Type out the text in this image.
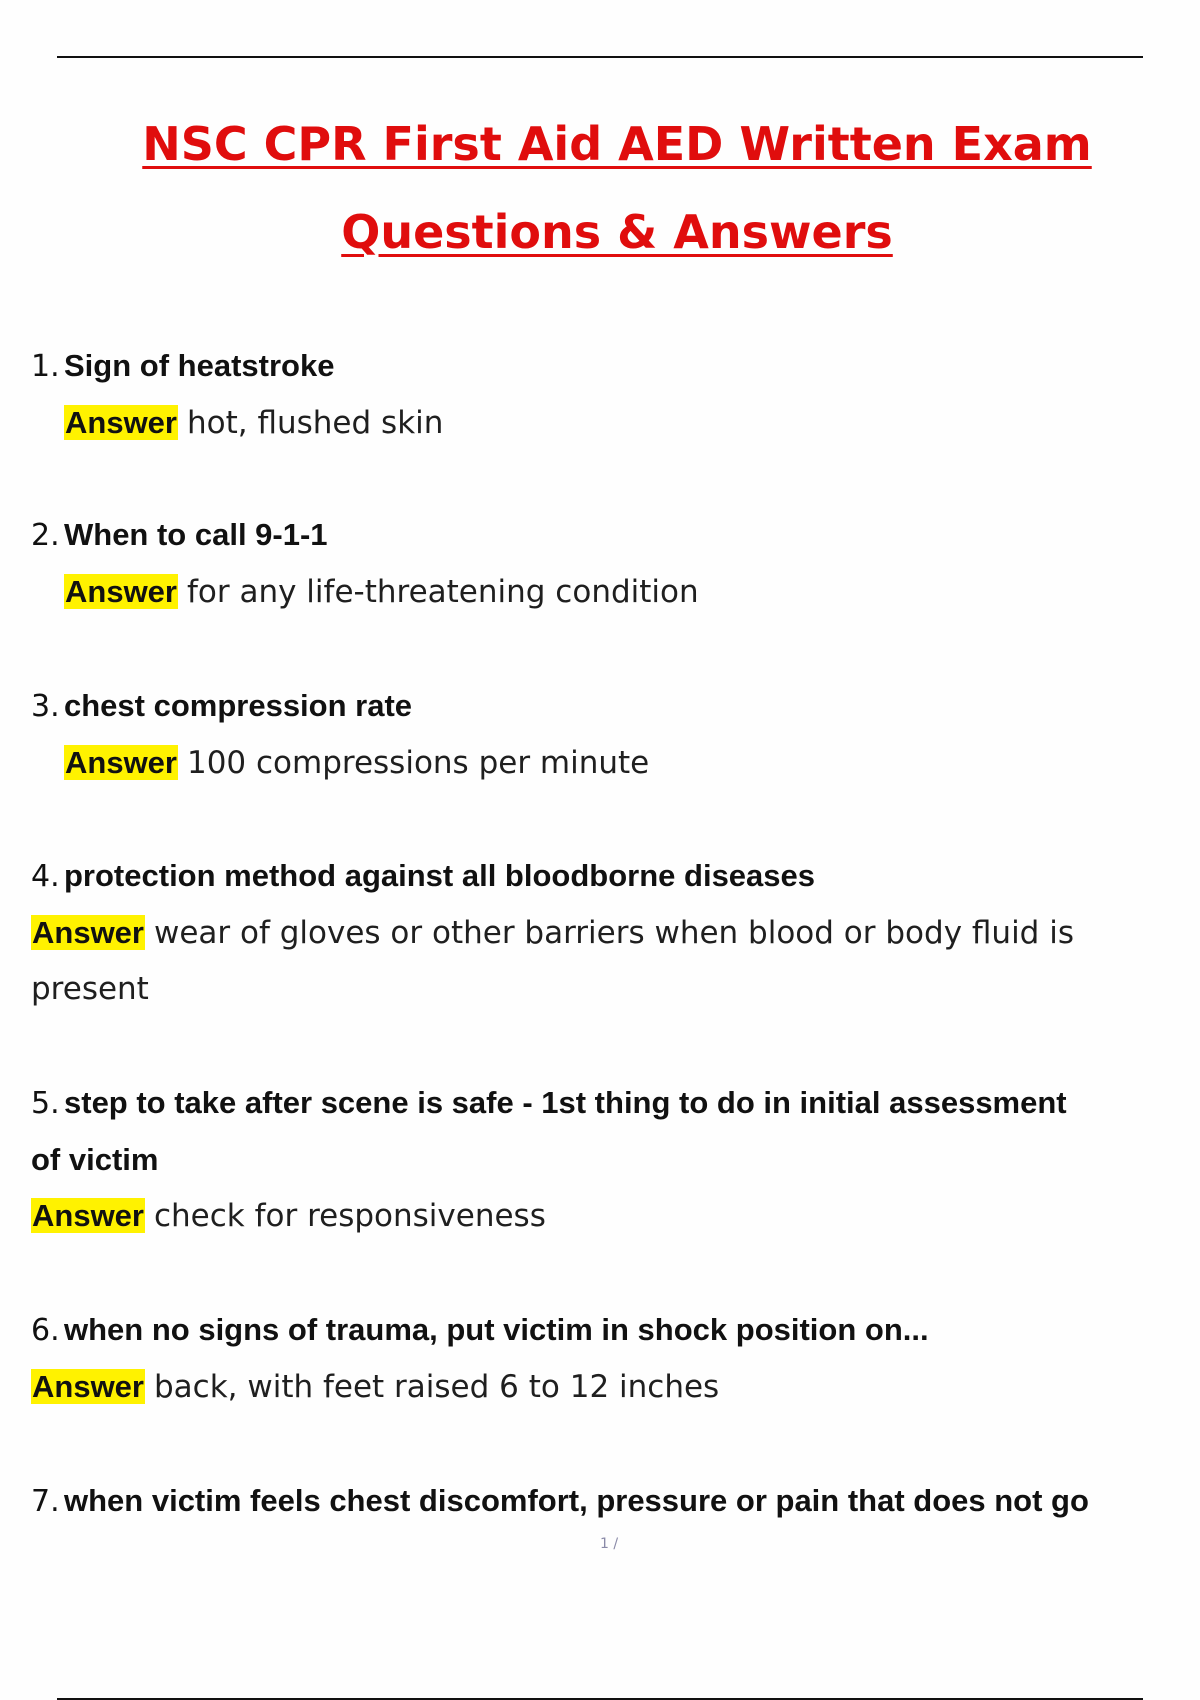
NSC CPR First Aid AED Written Exam
Questions & Answers
1. Sign of heatstroke
Answer hot, flushed skin
2. When to call 9-1-1
Answer for any life-threatening condition
3. chest compression rate
Answer 100 compressions per minute
4. protection method against all bloodborne diseases
Answer wear of gloves or other barriers when blood or body fluid is
present
5. step to take after scene is safe - 1st thing to do in initial assessment
of victim
Answer check for responsiveness
6. when no signs of trauma, put victim in shock position on...
Answer back, with feet raised 6 to 12 inches
7. when victim feels chest discomfort, pressure or pain that does not go
1 /
